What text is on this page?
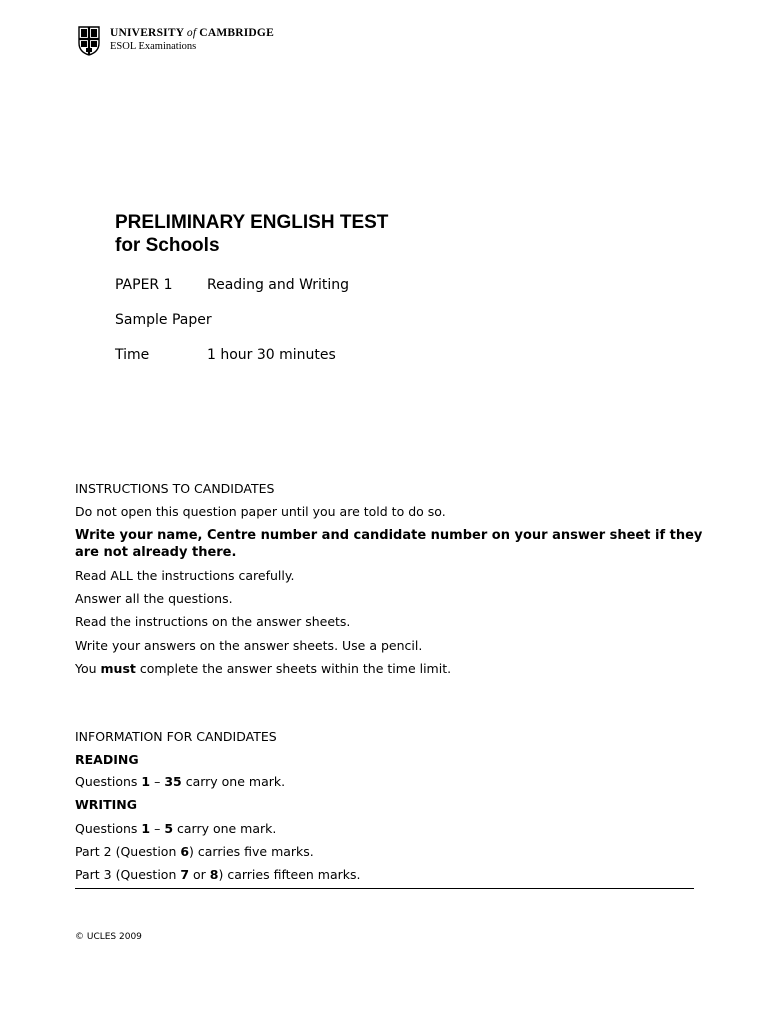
UNIVERSITY of CAMBRIDGE
ESOL Examinations
PRELIMINARY ENGLISH TEST
for Schools
PAPER 1 Reading and Writing
Sample Paper
Time	1 hour 30 minutes
INSTRUCTIONS TO CANDIDATES
Do not open this question paper until you are told to do so.
Write your name, Centre number and candidate number on your answer sheet if they are not already there.
Read ALL the instructions carefully.
Answer all the questions.
Read the instructions on the answer sheets.
Write your answers on the answer sheets. Use a pencil.
You must complete the answer sheets within the time limit.
INFORMATION FOR CANDIDATES
READING
Questions 1 – 35 carry one mark.
WRITING
Questions 1 – 5 carry one mark.
Part 2 (Question 6) carries five marks.
Part 3 (Question 7 or 8) carries fifteen marks.
© UCLES 2009
